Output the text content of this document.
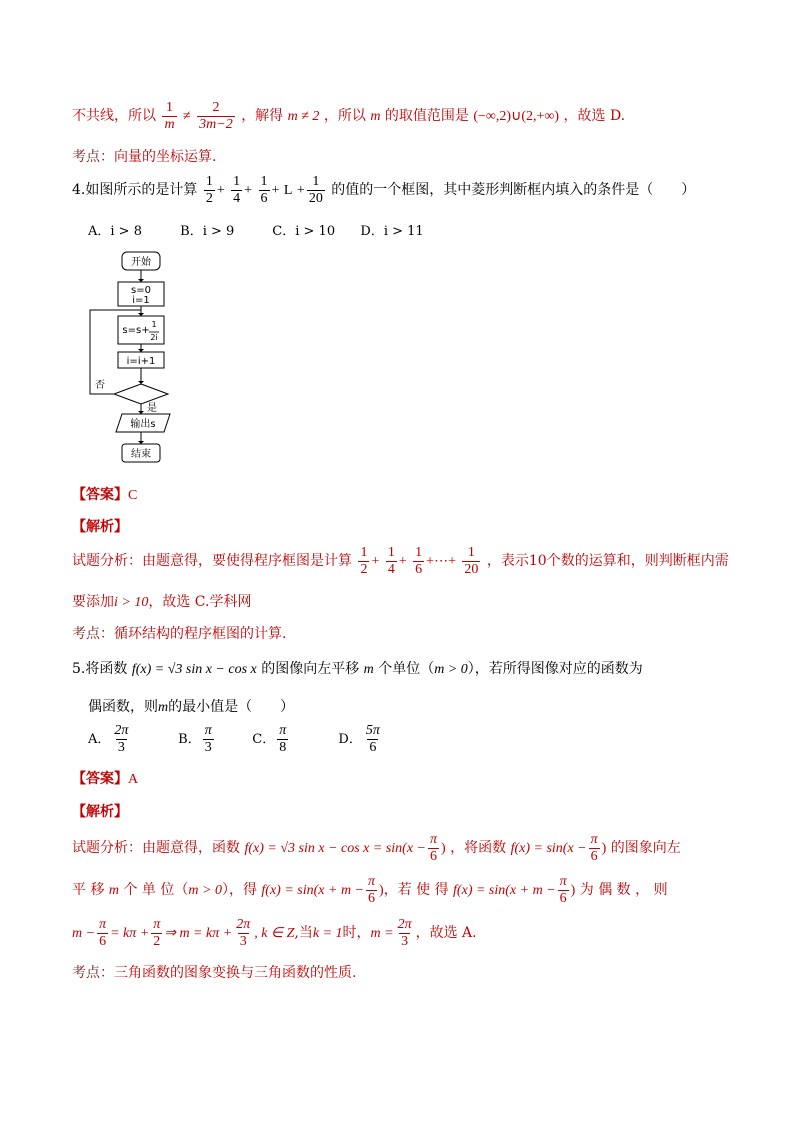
不共线，所以 $\frac{1}{m} \ne \frac{2}{3m-2}$ ，解得 m ≠ 2 ，所以 m 的取值范围是 (−∞,2)∪(2,+∞) ，故选 D.
考点：向量的坐标运算.
4.如图所示的是计算 $\frac{1}{2} + \frac{1}{4} + \frac{1}{6} + L + \frac{1}{20}$ 的值的一个框图，其中菱形判断框内填入的条件是（　　）
A．i > 8	B．i > 9	C．i > 10 D．i > 11
开始
s=0
i=1
s=s+
1
2i
i=i+1
否
是
输出s
结束
【答案】C
【解析】
试题分析：由题意得，要使得程序框图是计算 $\frac{1}{2} + \frac{1}{4} + \frac{1}{6}$ +⋯+ $\frac{1}{20}$ ，表示10个数的运算和，则判断框内需
要添加i > 10，故选 C.学科网
考点：循环结构的程序框图的计算.
5.将函数 f(x) = √3 sin x − cos x 的图像向左平移 m 个单位（m > 0），若所得图像对应的函数为
偶函数，则m的最小值是（　　）
A． $\frac{2\pi}{3}$	B． $\frac{\pi}{3}$	C． $\frac{\pi}{8}$	D． $\frac{5\pi}{6}$
【答案】A
【解析】
试题分析：由题意得，函数 f(x) = √3 $\sin x - \cos x = \sin(x - \frac{\pi}{6}$ ) ，将函数 $f(x) = \sin(x - \frac{\pi}{6}$ ) 的图象向左
平 移 m 个 单 位（m > 0），得 $f(x) = \sin(x + m - \frac{\pi}{6}$ )，若 使 得 $f(x) = \sin(x + m - \frac{\pi}{6}$ ) 为 偶 数 ， 则
$m - \frac{\pi}{6} = k\pi + \frac{\pi}{2}$ ⇒ $m = k\pi + \frac{2\pi}{3}$ , k ∈ Z,当k = 1时，$m = \frac{2\pi}{3}$ ，故选 A.
考点：三角函数的图象变换与三角函数的性质.
